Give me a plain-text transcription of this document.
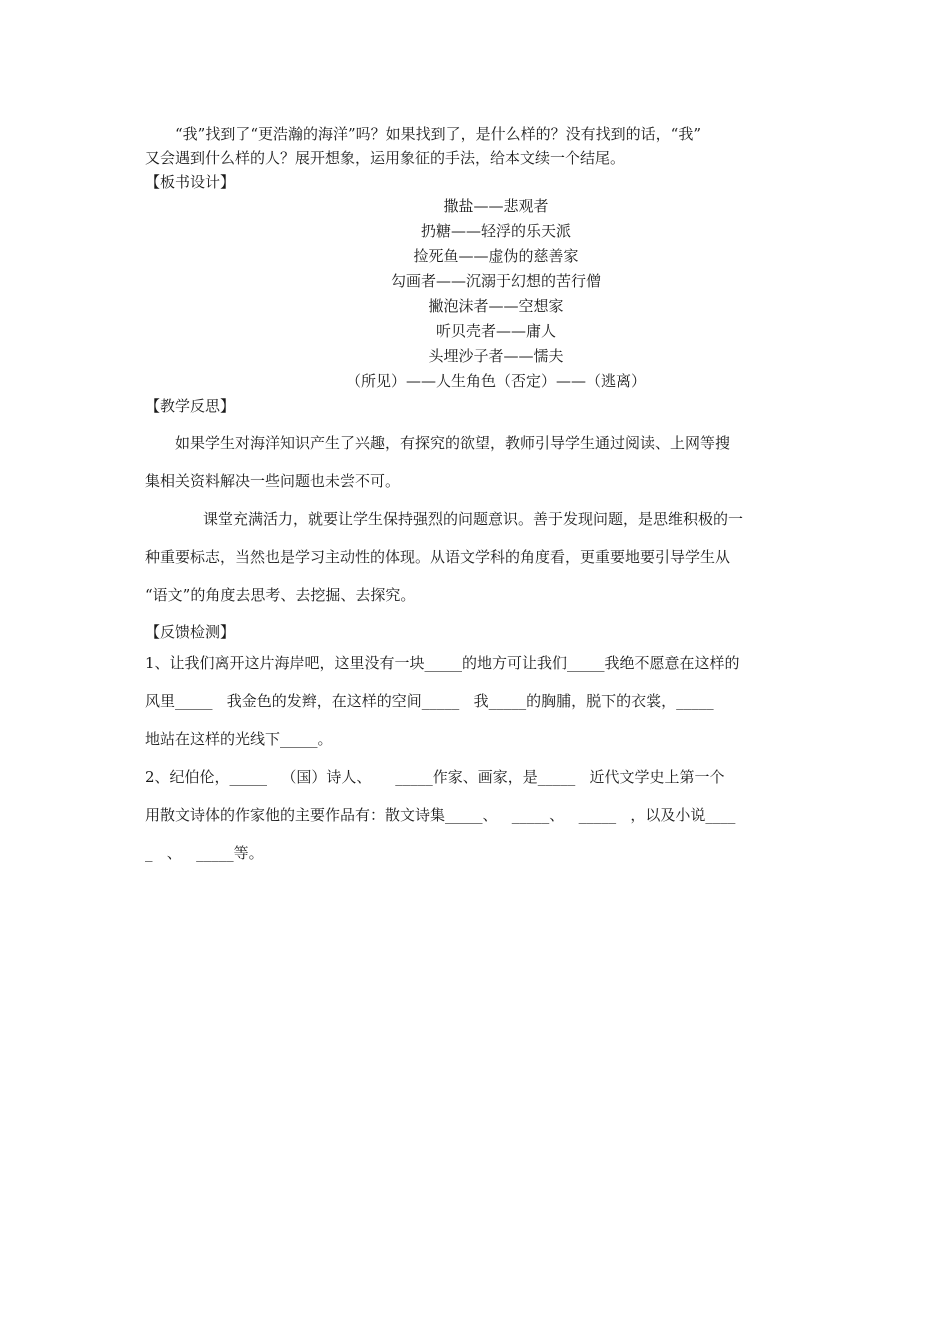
“我”找到了“更浩瀚的海洋”吗？如果找到了，是什么样的？没有找到的话，“我”
又会遇到什么样的人？展开想象，运用象征的手法，给本文续一个结尾。
【板书设计】
撒盐——悲观者
扔糖——轻浮的乐天派
捡死鱼——虚伪的慈善家
勾画者——沉溺于幻想的苦行僧
撇泡沫者——空想家
听贝壳者——庸人
头埋沙子者——懦夫
（所见）——人生角色（否定）——（逃离）
【教学反思】
如果学生对海洋知识产生了兴趣，有探究的欲望，教师引导学生通过阅读、上网等搜
集相关资料解决一些问题也未尝不可。
课堂充满活力，就要让学生保持强烈的问题意识。善于发现问题，是思维积极的一
种重要标志，当然也是学习主动性的体现。从语文学科的角度看，更重要地要引导学生从
“语文”的角度去思考、去挖掘、去探究。
【反馈检测】
1、让我们离开这片海岸吧，这里没有一块_____的地方可让我们_____我绝不愿意在这样的
风里_____   我金色的发辫，在这样的空间_____   我_____的胸脯，脱下的衣裳，_____
地站在这样的光线下_____。
2、纪伯伦，_____   （国）诗人、     _____作家、画家，是_____   近代文学史上第一个
用散文诗体的作家他的主要作品有：散文诗集_____、   _____、   _____   ，以及小说____
_   、   _____等。
